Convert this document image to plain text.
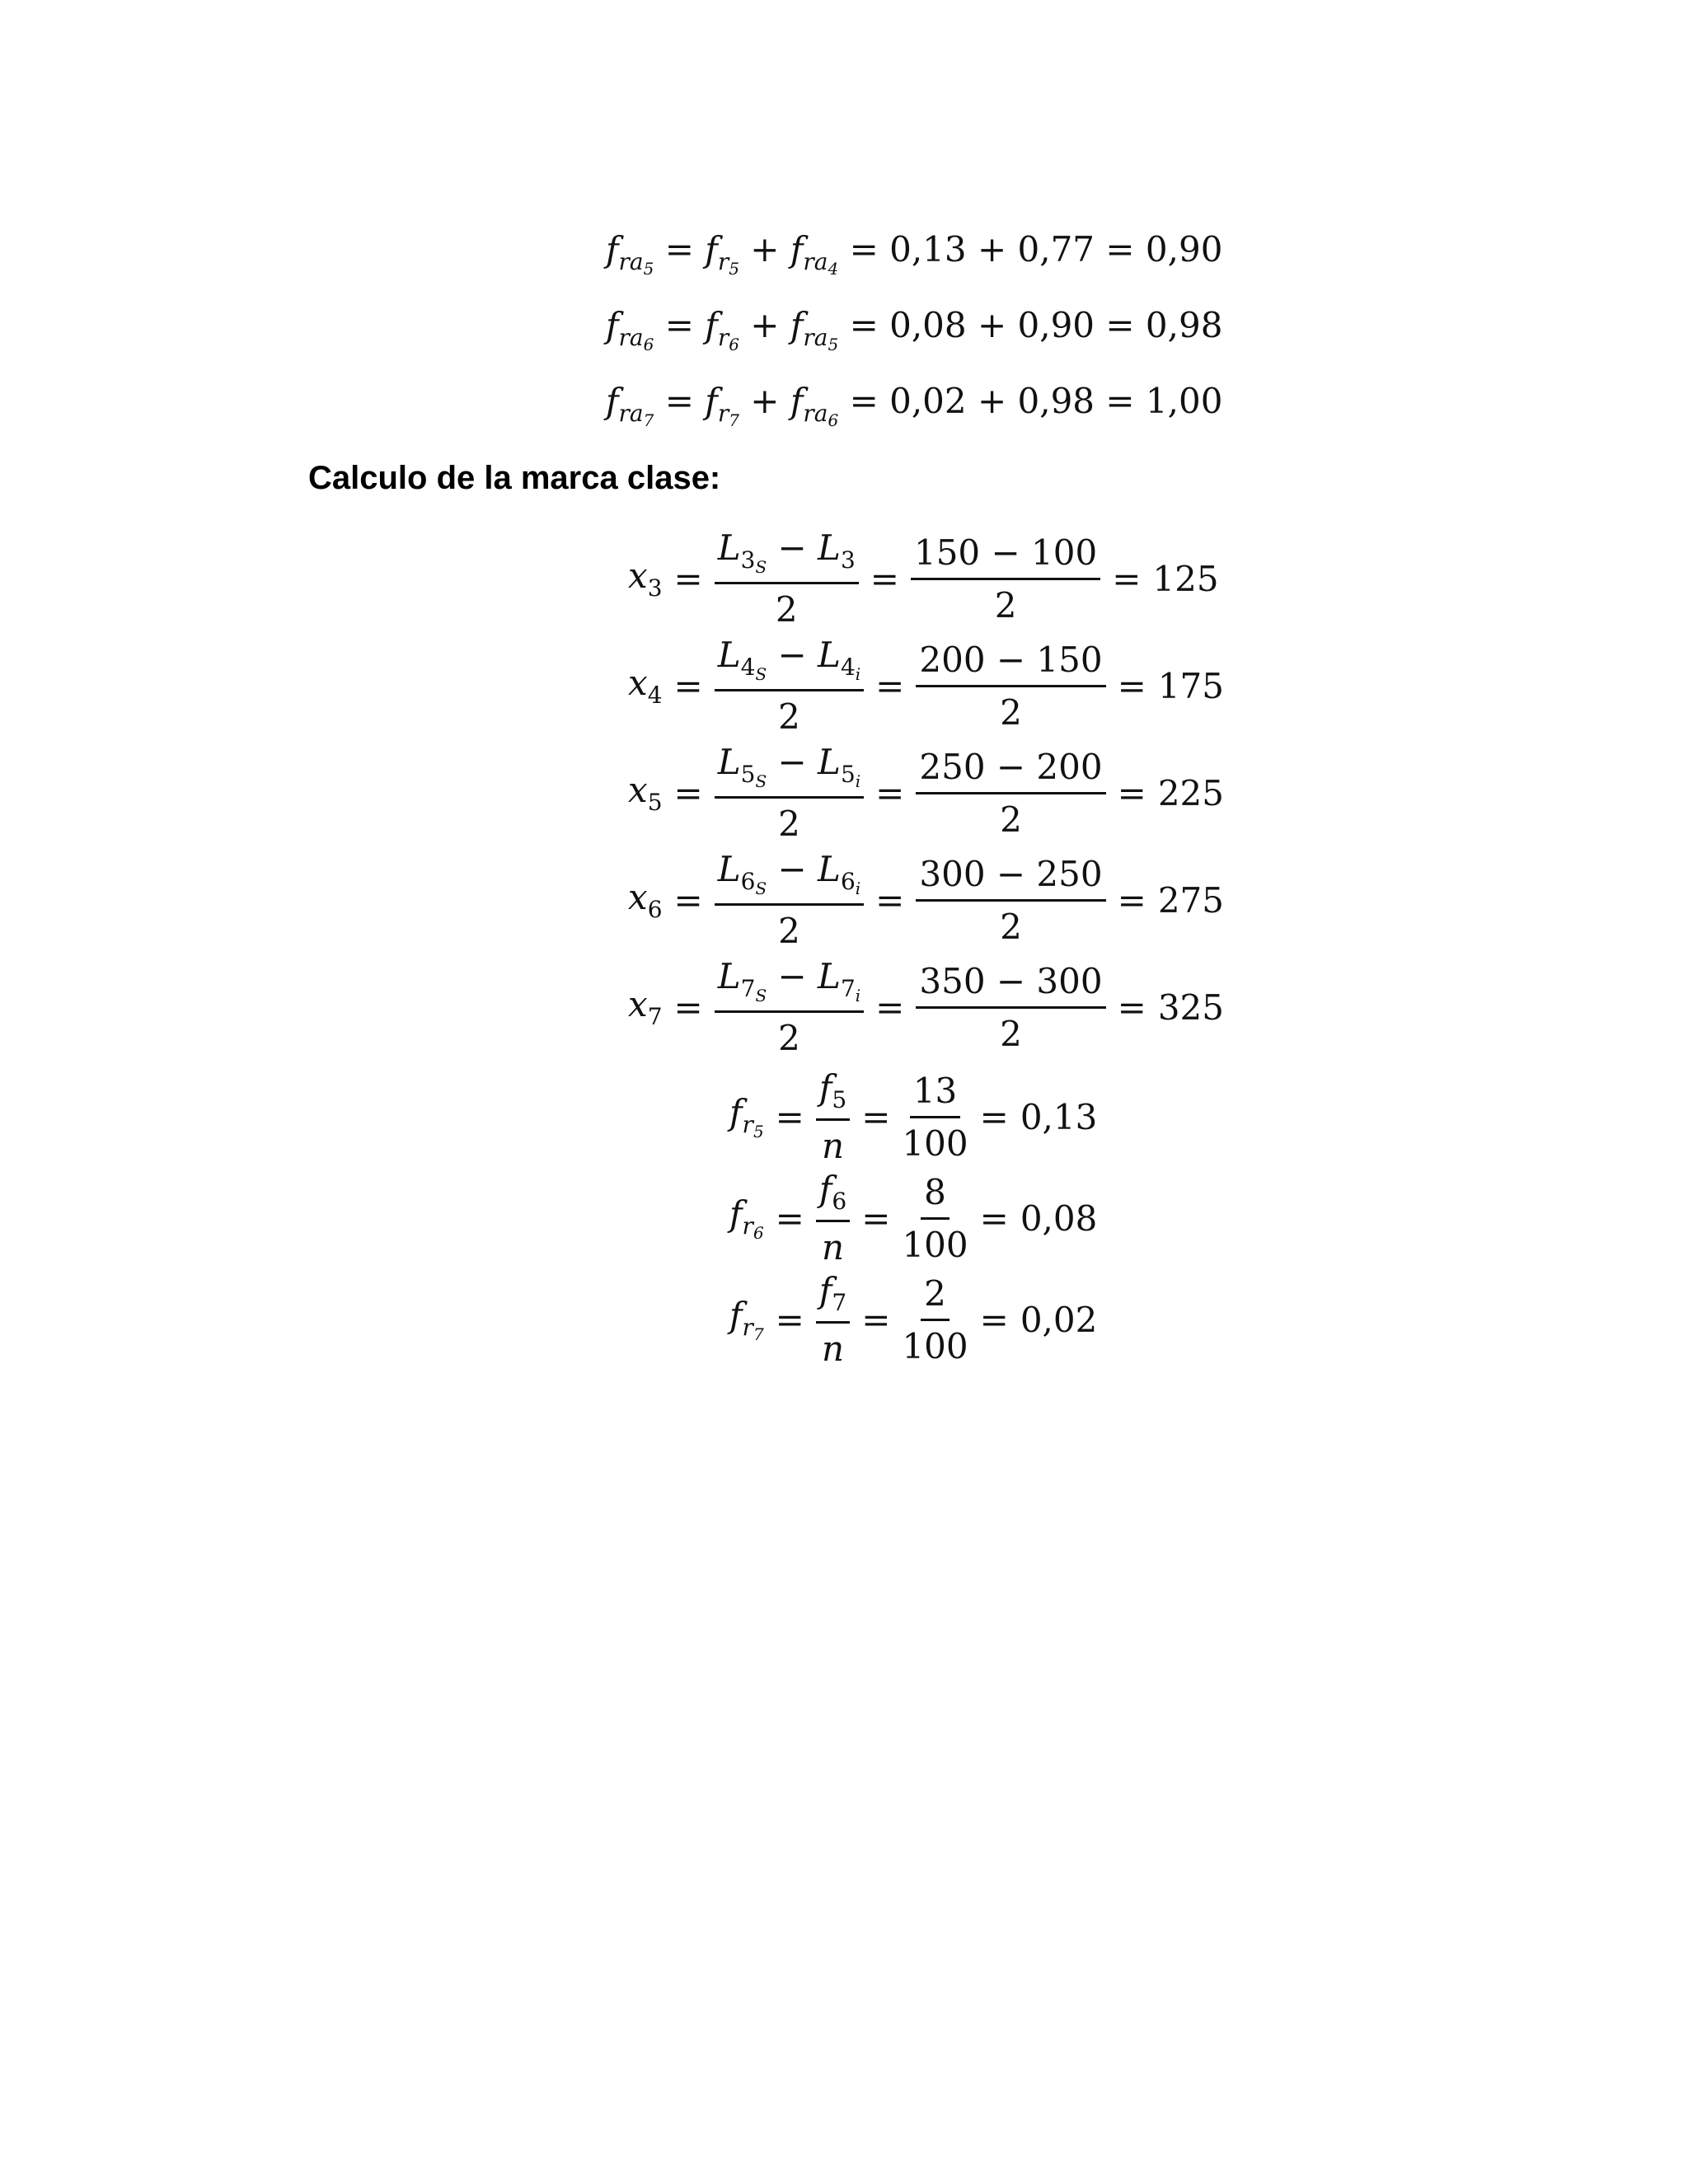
$f_{ra_5} = f_{r_5} + f_{ra_4} = 0,13 + 0,77 = 0,90$
$f_{ra_6} = f_{r_6} + f_{ra_5} = 0,08 + 0,90 = 0,98$
$f_{ra_7} = f_{r_7} + f_{ra_6} = 0,02 + 0,98 = 1,00$
Calculo de la marca clase:
$x_3 = \frac{L_{3_S} - L_3}{2} = \frac{150 - 100}{2} = 125$
$x_4 = \frac{L_{4_S} - L_{4_i}}{2} = \frac{200 - 150}{2} = 175$
$x_5 = \frac{L_{5_S} - L_{5_i}}{2} = \frac{250 - 200}{2} = 225$
$x_6 = \frac{L_{6_S} - L_{6_i}}{2} = \frac{300 - 250}{2} = 275$
$x_7 = \frac{L_{7_S} - L_{7_i}}{2} = \frac{350 - 300}{2} = 325$
$f_{r_5} = \frac{f_5}{n} = \frac{13}{100} = 0,13$
$f_{r_6} = \frac{f_6}{n} = \frac{8}{100} = 0,08$
$f_{r_7} = \frac{f_7}{n} = \frac{2}{100} = 0,02$
